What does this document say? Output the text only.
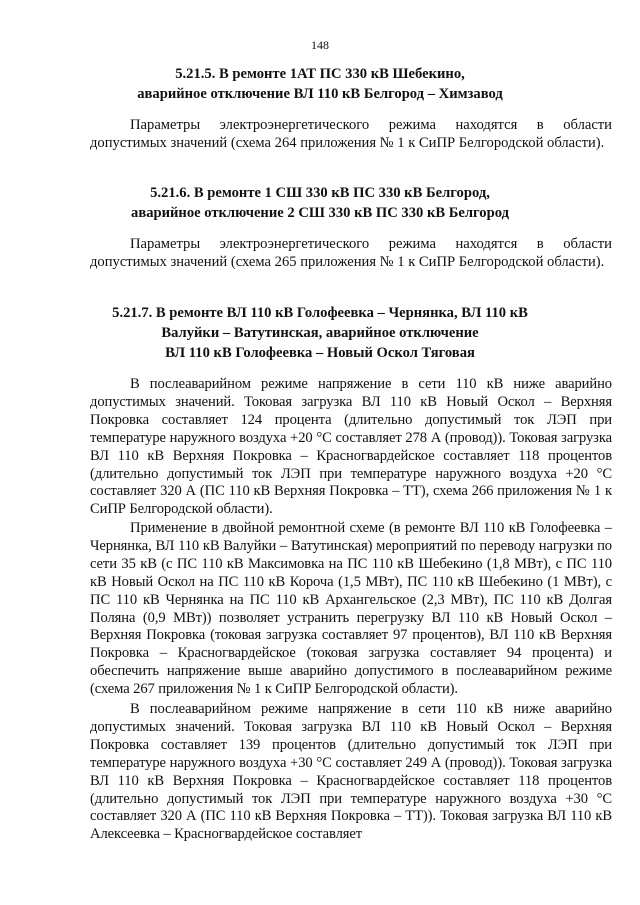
148
5.21.5. В ремонте 1АТ ПС 330 кВ Шебекино,
аварийное отключение ВЛ 110 кВ Белгород – Химзавод
Параметры электроэнергетического режима находятся в области допустимых значений (схема 264 приложения № 1 к СиПР Белгородской области).
5.21.6. В ремонте 1 СШ 330 кВ ПС 330 кВ Белгород,
аварийное отключение 2 СШ 330 кВ ПС 330 кВ Белгород
Параметры электроэнергетического режима находятся в области допустимых значений (схема 265 приложения № 1 к СиПР Белгородской области).
5.21.7. В ремонте ВЛ 110 кВ Голофеевка – Чернянка, ВЛ 110 кВ
Валуйки – Ватутинская, аварийное отключение
ВЛ 110 кВ Голофеевка – Новый Оскол Тяговая
В послеаварийном режиме напряжение в сети 110 кВ ниже аварийно допустимых значений. Токовая загрузка ВЛ 110 кВ Новый Оскол – Верхняя Покровка составляет 124 процента (длительно допустимый ток ЛЭП при температуре наружного воздуха +20 °С составляет 278 А (провод)). Токовая загрузка ВЛ 110 кВ Верхняя Покровка – Красногвардейское составляет 118 процентов (длительно допустимый ток ЛЭП при температуре наружного воздуха +20 °С составляет 320 А (ПС 110 кВ Верхняя Покровка – ТТ), схема 266 приложения № 1 к СиПР Белгородской области).
Применение в двойной ремонтной схеме (в ремонте ВЛ 110 кВ Голофеевка – Чернянка, ВЛ 110 кВ Валуйки – Ватутинская) мероприятий по переводу нагрузки по сети 35 кВ (с ПС 110 кВ Максимовка на ПС 110 кВ Шебекино (1,8 МВт), с ПС 110 кВ Новый Оскол на ПС 110 кВ Короча (1,5 МВт), ПС 110 кВ Шебекино (1 МВт), с ПС 110 кВ Чернянка на ПС 110 кВ Архангельское (2,3 МВт), ПС 110 кВ Долгая Поляна (0,9 МВт)) позволяет устранить перегрузку ВЛ 110 кВ Новый Оскол – Верхняя Покровка (токовая загрузка составляет 97 процентов), ВЛ 110 кВ Верхняя Покровка – Красногвардейское (токовая загрузка составляет 94 процента) и обеспечить напряжение выше аварийно допустимого в послеаварийном режиме (схема 267 приложения № 1 к СиПР Белгородской области).
В послеаварийном режиме напряжение в сети 110 кВ ниже аварийно допустимых значений. Токовая загрузка ВЛ 110 кВ Новый Оскол – Верхняя Покровка составляет 139 процентов (длительно допустимый ток ЛЭП при температуре наружного воздуха +30 °С составляет 249 А (провод)). Токовая загрузка ВЛ 110 кВ Верхняя Покровка – Красногвардейское составляет 118 процентов (длительно допустимый ток ЛЭП при температуре наружного воздуха +30 °С составляет 320 А (ПС 110 кВ Верхняя Покровка – ТТ)). Токовая загрузка ВЛ 110 кВ Алексеевка – Красногвардейское составляет
